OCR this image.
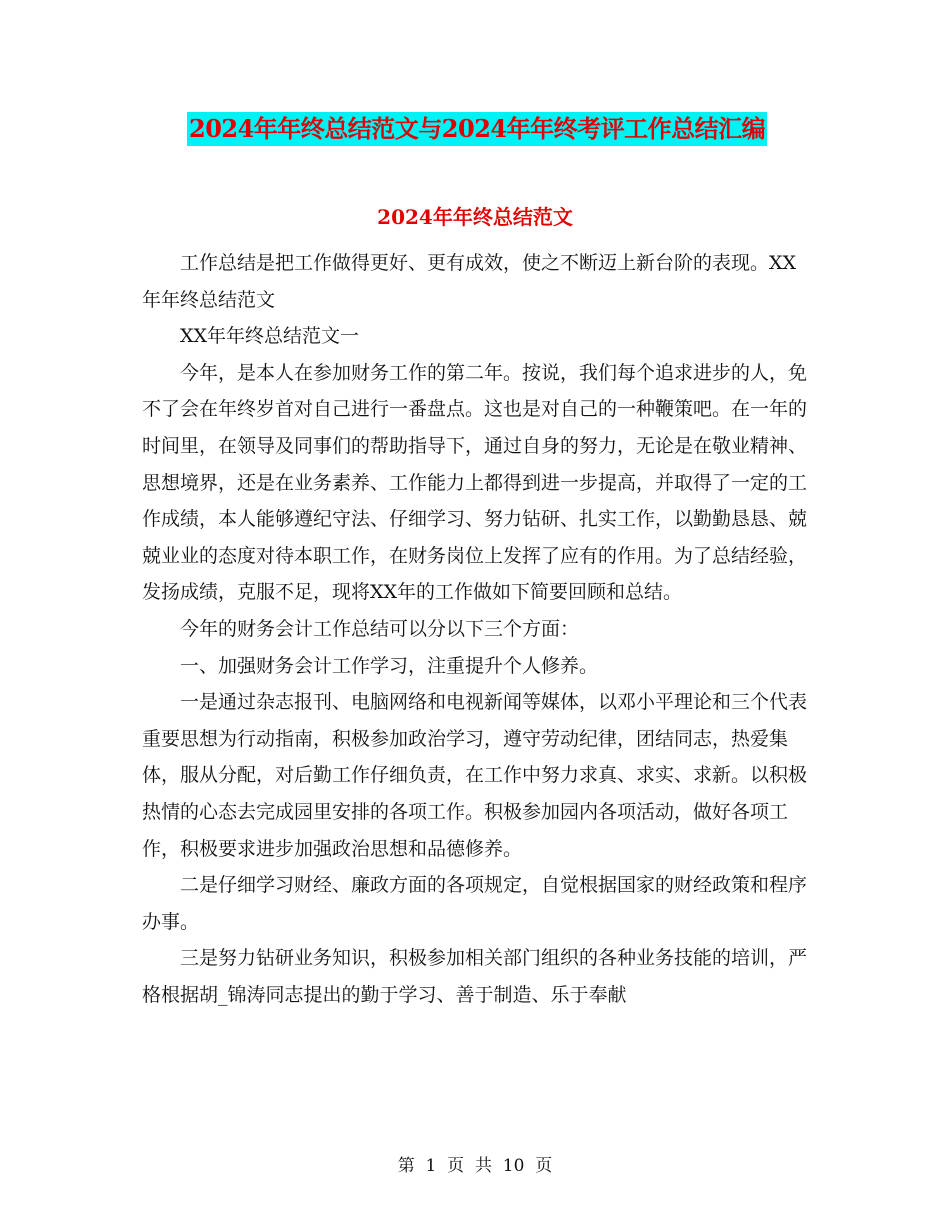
2024年年终总结范文与2024年年终考评工作总结汇编
2024年年终总结范文

工作总结是把工作做得更好、更有成效，使之不断迈上新台阶的表现。XX年年终总结范文

XX年年终总结范文一

今年，是本人在参加财务工作的第二年。按说，我们每个追求进步的人，免不了会在年终岁首对自己进行一番盘点。这也是对自己的一种鞭策吧。在一年的时间里，在领导及同事们的帮助指导下，通过自身的努力，无论是在敬业精神、思想境界，还是在业务素养、工作能力上都得到进一步提高，并取得了一定的工作成绩，本人能够遵纪守法、仔细学习、努力钻研、扎实工作，以勤勤恳恳、兢兢业业的态度对待本职工作，在财务岗位上发挥了应有的作用。为了总结经验，发扬成绩，克服不足，现将XX年的工作做如下简要回顾和总结。

今年的财务会计工作总结可以分以下三个方面：

一、加强财务会计工作学习，注重提升个人修养。

一是通过杂志报刊、电脑网络和电视新闻等媒体，以邓小平理论和三个代表重要思想为行动指南，积极参加政治学习，遵守劳动纪律，团结同志，热爱集体，服从分配，对后勤工作仔细负责，在工作中努力求真、求实、求新。以积极热情的心态去完成园里安排的各项工作。积极参加园内各项活动，做好各项工作，积极要求进步加强政治思想和品德修养。

二是仔细学习财经、廉政方面的各项规定，自觉根据国家的财经政策和程序办事。

三是努力钻研业务知识，积极参加相关部门组织的各种业务技能的培训，严格根据胡_锦涛同志提出的勤于学习、善于制造、乐于奉献

第  1  页  共  10  页
